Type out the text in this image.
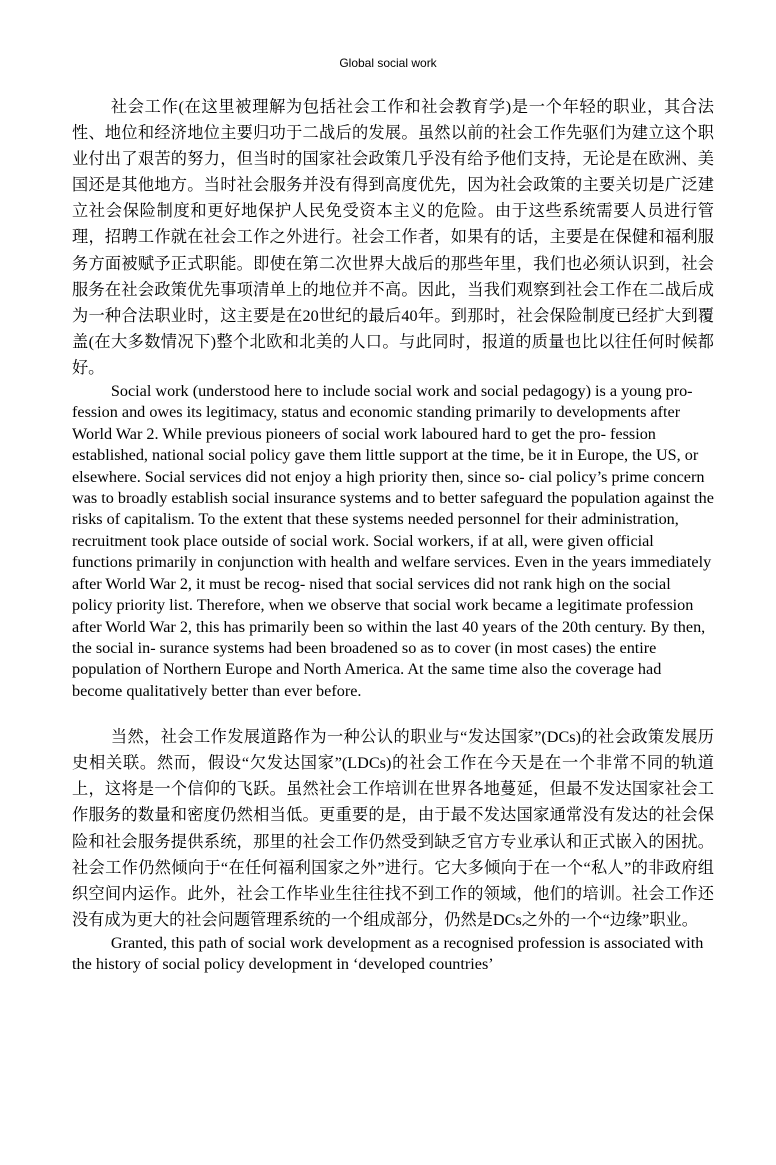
Global social work

社会工作(在这里被理解为包括社会工作和社会教育学)是一个年轻的职业，其合法性、地位和经济地位主要归功于二战后的发展。虽然以前的社会工作先驱们为建立这个职业付出了艰苦的努力，但当时的国家社会政策几乎没有给予他们支持，无论是在欧洲、美国还是其他地方。当时社会服务并没有得到高度优先，因为社会政策的主要关切是广泛建立社会保险制度和更好地保护人民免受资本主义的危险。由于这些系统需要人员进行管理，招聘工作就在社会工作之外进行。社会工作者，如果有的话，主要是在保健和福利服务方面被赋予正式职能。即使在第二次世界大战后的那些年里，我们也必须认识到，社会服务在社会政策优先事项清单上的地位并不高。因此，当我们观察到社会工作在二战后成为一种合法职业时，这主要是在20世纪的最后40年。到那时，社会保险制度已经扩大到覆盖(在大多数情况下)整个北欧和北美的人口。与此同时，报道的质量也比以往任何时候都好。

Social work (understood here to include social work and social pedagogy) is a young pro- fession and owes its legitimacy, status and economic standing primarily to developments after World War 2. While previous pioneers of social work laboured hard to get the pro- fession established, national social policy gave them little support at the time, be it in Europe, the US, or elsewhere. Social services did not enjoy a high priority then, since so- cial policy’s prime concern was to broadly establish social insurance systems and to better safeguard the population against the risks of capitalism. To the extent that these systems needed personnel for their administration, recruitment took place outside of social work. Social workers, if at all, were given official functions primarily in conjunction with health and welfare services. Even in the years immediately after World War 2, it must be recog- nised that social services did not rank high on the social policy priority list. Therefore, when we observe that social work became a legitimate profession after World War 2, this has primarily been so within the last 40 years of the 20th century. By then, the social in- surance systems had been broadened so as to cover (in most cases) the entire population of Northern Europe and North America. At the same time also the coverage had become qualitatively better than ever before.

当然，社会工作发展道路作为一种公认的职业与“发达国家”(DCs)的社会政策发展历史相关联。然而，假设“欠发达国家”(LDCs)的社会工作在今天是在一个非常不同的轨道上，这将是一个信仰的飞跃。虽然社会工作培训在世界各地蔓延，但最不发达国家社会工作服务的数量和密度仍然相当低。更重要的是，由于最不发达国家通常没有发达的社会保险和社会服务提供系统，那里的社会工作仍然受到缺乏官方专业承认和正式嵌入的困扰。社会工作仍然倾向于“在任何福利国家之外”进行。它大多倾向于在一个“私人”的非政府组织空间内运作。此外，社会工作毕业生往往找不到工作的领域，他们的培训。社会工作还没有成为更大的社会问题管理系统的一个组成部分，仍然是DCs之外的一个“边缘”职业。

Granted, this path of social work development as a recognised profession is associated with the history of social policy development in ‘developed countries’
